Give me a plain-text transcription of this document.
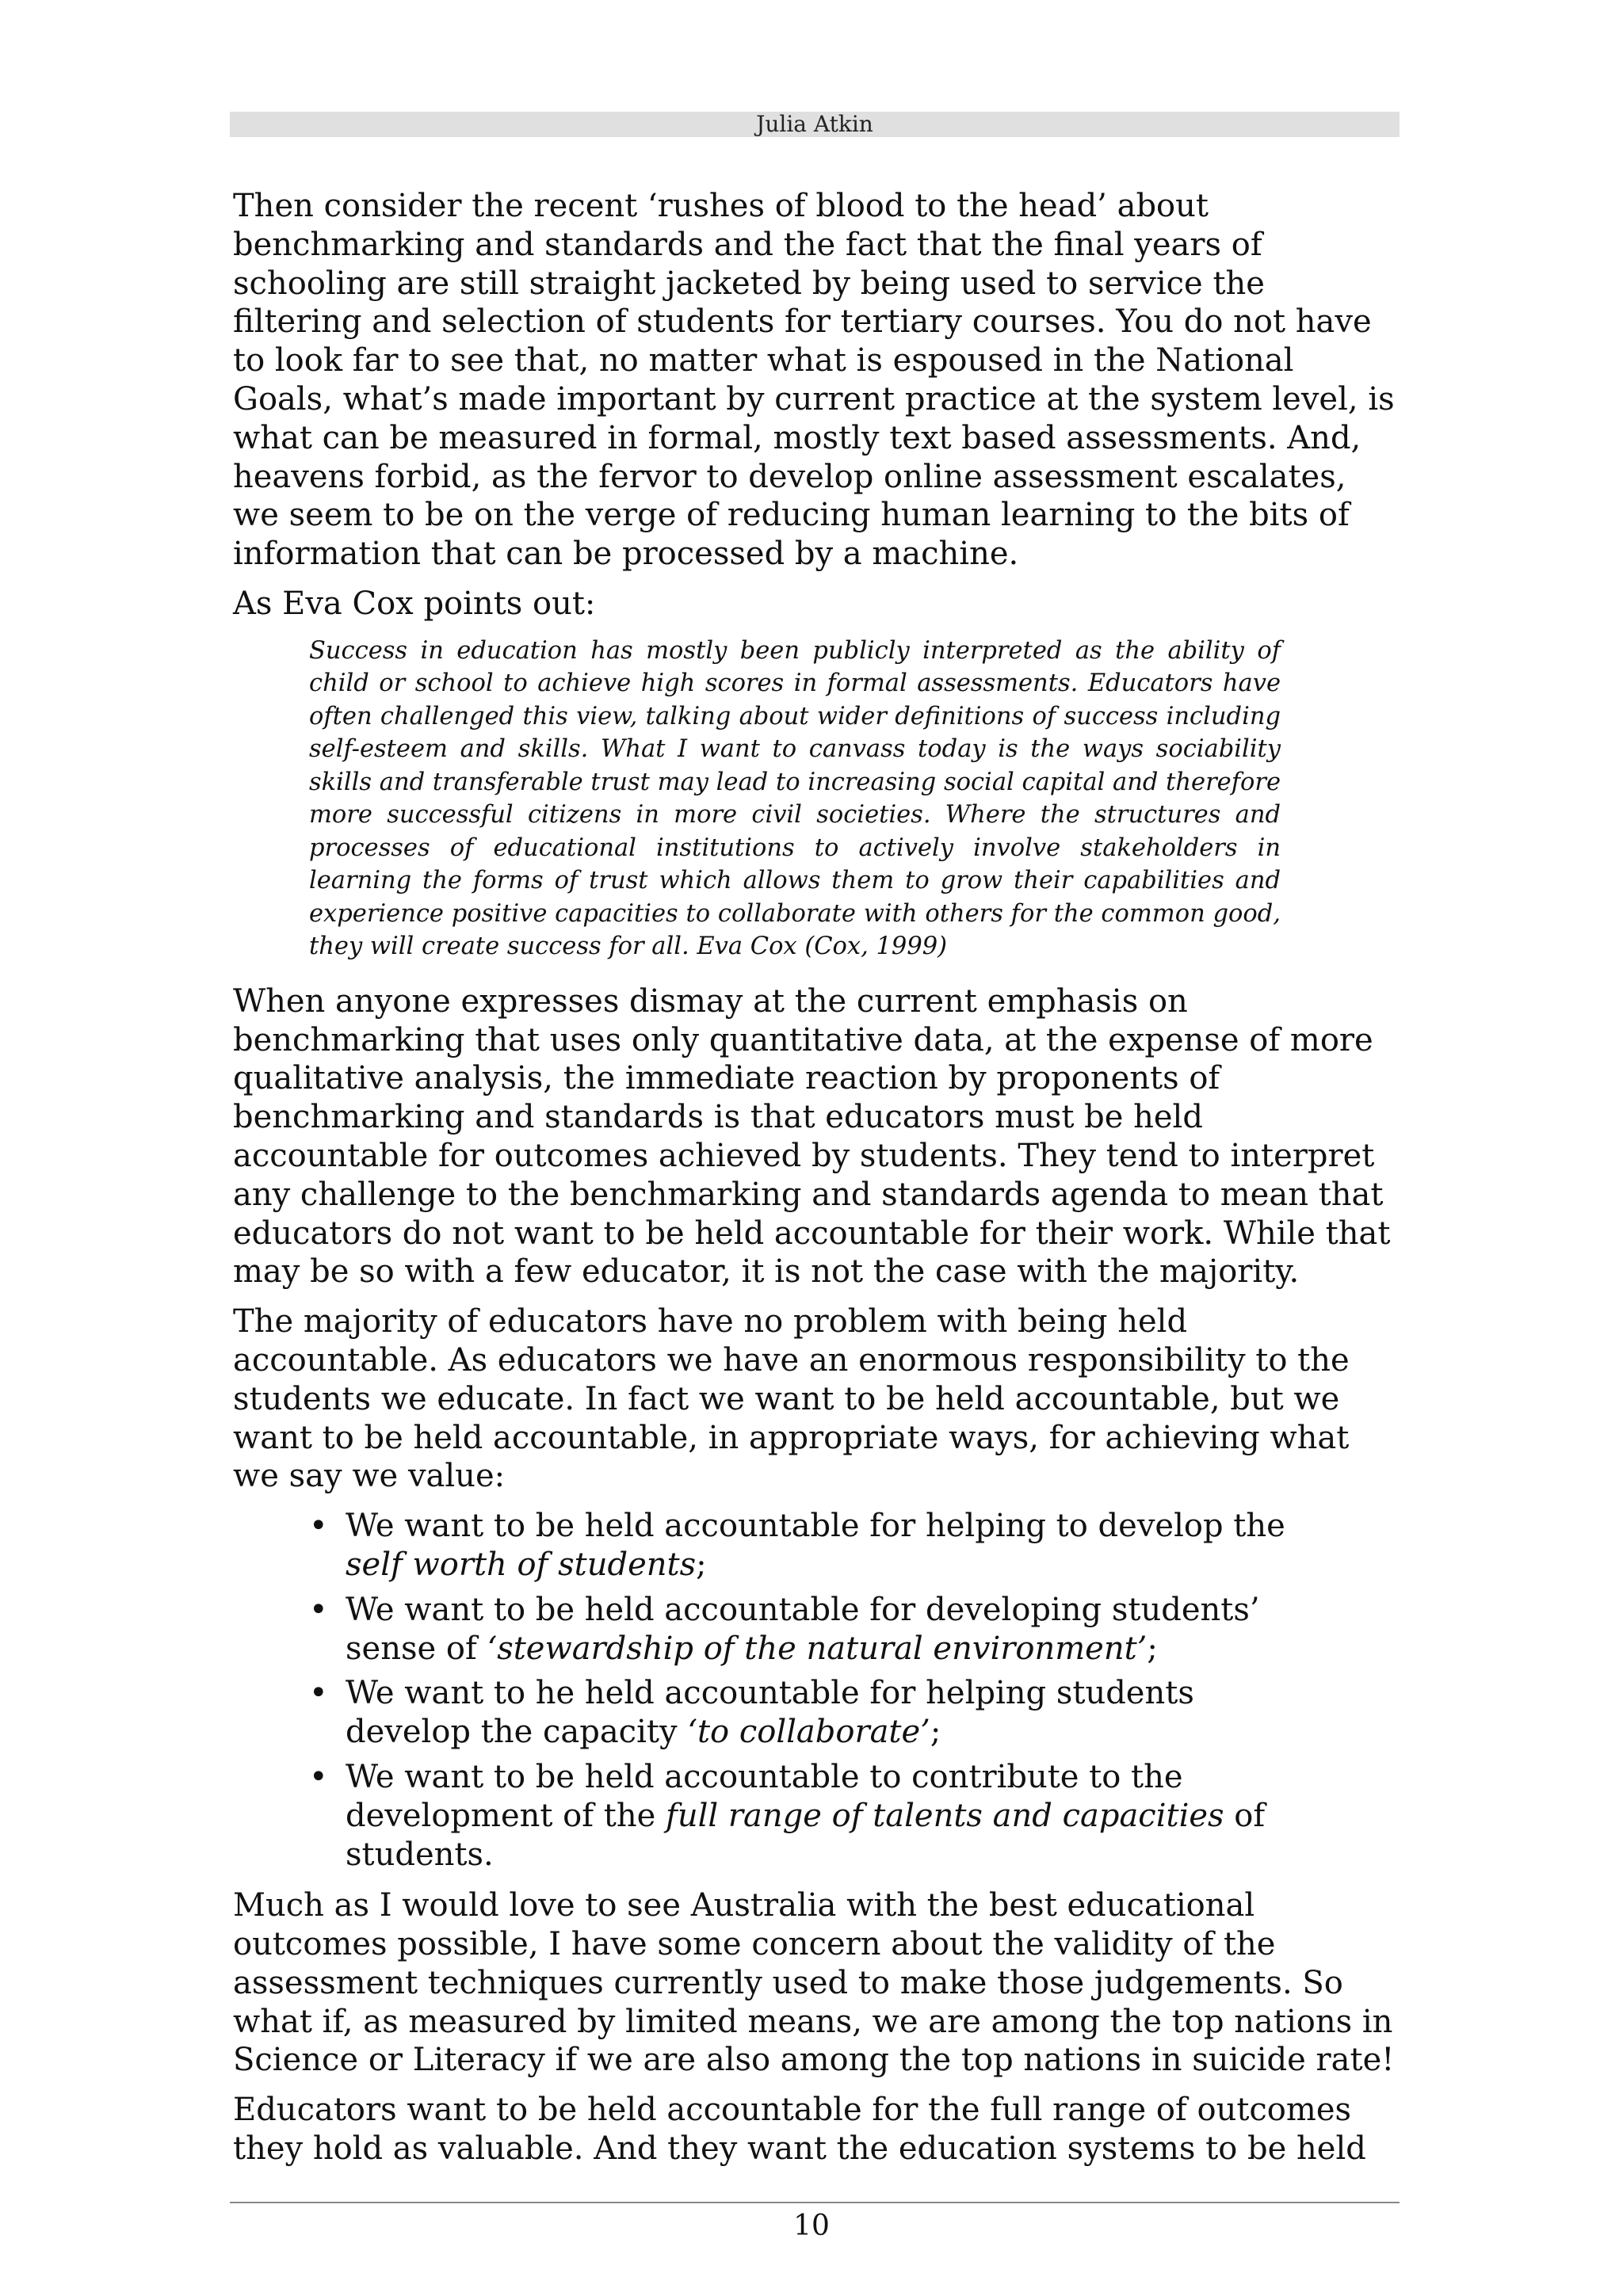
Julia Atkin

Then consider the recent ‘rushes of blood to the head’ about benchmarking and standards and the fact that the final years of schooling are still straight jacketed by being used to service the filtering and selection of students for tertiary courses. You do not have to look far to see that, no matter what is espoused in the National Goals, what’s made important by current practice at the system level, is what can be measured in formal, mostly text based assessments. And, heavens forbid, as the fervor to develop online assessment escalates, we seem to be on the verge of reducing human learning to the bits of information that can be processed by a machine.

As Eva Cox points out:

Success in education has mostly been publicly interpreted as the ability of child or school to achieve high scores in formal assessments. Educators have often challenged this view, talking about wider definitions of success including self-esteem and skills. What I want to canvass today is the ways sociability skills and transferable trust may lead to increasing social capital and therefore more successful citizens in more civil societies. Where the structures and processes of educational institutions to actively involve stakeholders in learning the forms of trust which allows them to grow their capabilities and experience positive capacities to collaborate with others for the common good, they will create success for all. Eva Cox (Cox, 1999)

When anyone expresses dismay at the current emphasis on benchmarking that uses only quantitative data, at the expense of more qualitative analysis, the immediate reaction by proponents of benchmarking and standards is that educators must be held accountable for outcomes achieved by students. They tend to interpret any challenge to the benchmarking and standards agenda to mean that educators do not want to be held accountable for their work. While that may be so with a few educator, it is not the case with the majority.

The majority of educators have no problem with being held accountable. As educators we have an enormous responsibility to the students we educate. In fact we want to be held accountable, but we want to be held accountable, in appropriate ways, for achieving what we say we value:

• We want to be held accountable for helping to develop the self worth of students;
• We want to be held accountable for developing students’ sense of ‘stewardship of the natural environment’;
• We want to he held accountable for helping students develop the capacity ‘to collaborate’;
• We want to be held accountable to contribute to the development of the full range of talents and capacities of students.

Much as I would love to see Australia with the best educational outcomes possible, I have some concern about the validity of the assessment techniques currently used to make those judgements. So what if, as measured by limited means, we are among the top nations in Science or Literacy if we are also among the top nations in suicide rate!

Educators want to be held accountable for the full range of outcomes they hold as valuable. And they want the education systems to be held

10
